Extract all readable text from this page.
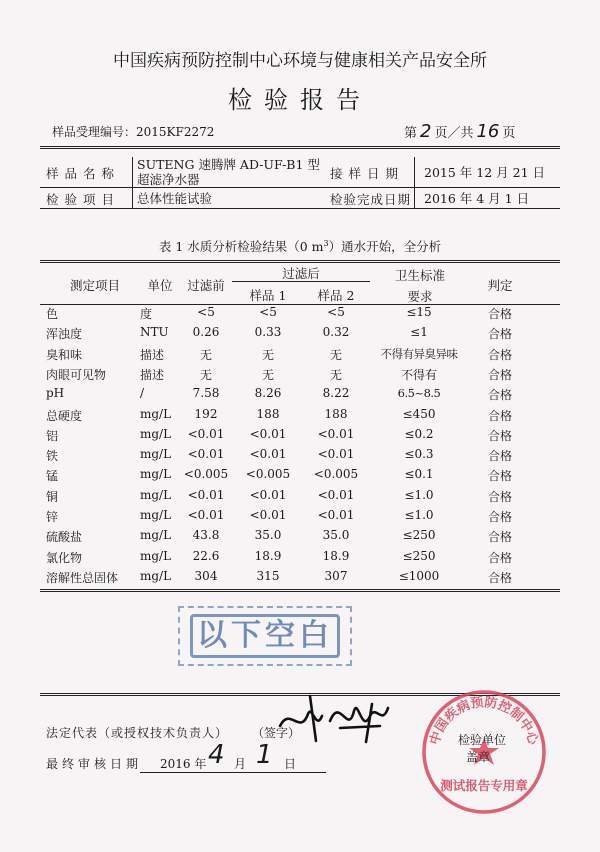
中国疾病预防控制中心环境与健康相关产品安全所
检验报告
样品受理编号：2015KF2272	第 2 页／共 16 页
样品名称
SUTENG 速腾牌 AD-UF-B1 型超滤净水器	接样日期 2015 年 12 月 21 日
检验项目 总体性能试验	检验完成日期 2016 年 4 月 1 日
表 1 水质分析检验结果（0 $m^3$）通水开始，全分析
测定项目	单位	过滤前
过滤后
样品 1	样品 2
卫生标准
要求
判定
色	度	<5	<5	<5	≤15	合格
浑浊度	NTU	0.26	0.33	0.32	≤1	合格
臭和味	描述	无	无	无	不得有异臭异味	合格
肉眼可见物	描述	无	无	无	不得有	合格
pH	/	7.58	8.26	8.22	6.5~8.5	合格
总硬度	mg/L	192	188	188	≤450	合格
铝	mg/L	<0.01	<0.01	<0.01	≤0.2	合格
铁	mg/L	<0.01	<0.01	<0.01	≤0.3	合格
锰	mg/L	<0.005	<0.005	<0.005	≤0.1	合格
铜	mg/L	<0.01	<0.01	<0.01	≤1.0	合格
锌	mg/L	<0.01	<0.01	<0.01	≤1.0	合格
硫酸盐	mg/L	43.8	35.0	35.0	≤250	合格
氯化物	mg/L	22.6	18.9	18.9	≤250	合格
溶解性总固体	mg/L	304	315	307	≤1000	合格
以下空白
法定代表（或授权技术负责人） （签字）
最终审核日期 2016 年 4 月 1 日
检验单位
盖章
中国疾病预防控制中心
测试报告专用章
